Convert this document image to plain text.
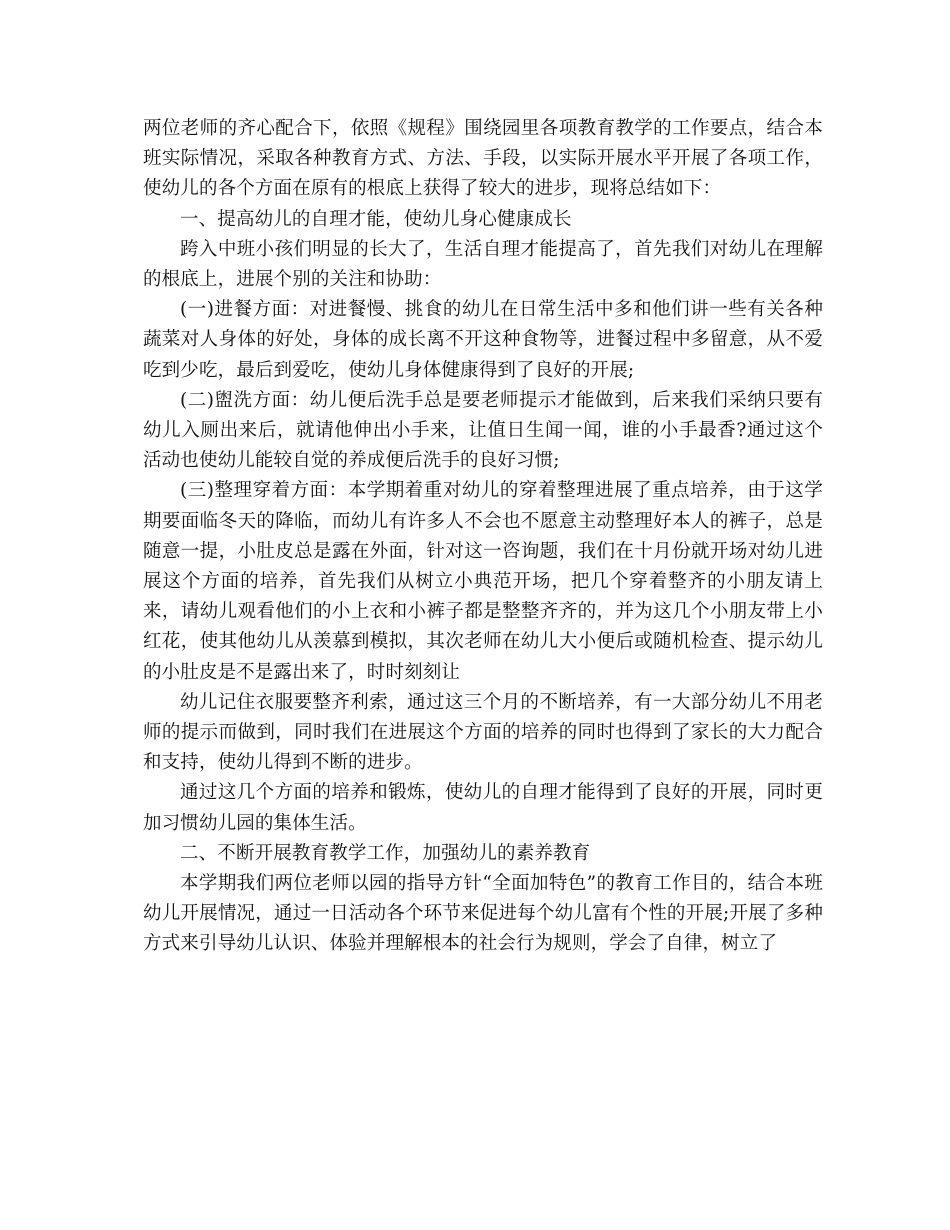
两位老师的齐心配合下，依照《规程》围绕园里各项教育教学的工作要点，结合本班实际情况，采取各种教育方式、方法、手段，以实际开展水平开展了各项工作，使幼儿的各个方面在原有的根底上获得了较大的进步，现将总结如下：

一、提高幼儿的自理才能，使幼儿身心健康成长

跨入中班小孩们明显的长大了，生活自理才能提高了，首先我们对幼儿在理解的根底上，进展个别的关注和协助：

(一)进餐方面：对进餐慢、挑食的幼儿在日常生活中多和他们讲一些有关各种蔬菜对人身体的好处，身体的成长离不开这种食物等，进餐过程中多留意，从不爱吃到少吃，最后到爱吃，使幼儿身体健康得到了良好的开展;

(二)盥洗方面：幼儿便后洗手总是要老师提示才能做到，后来我们采纳只要有幼儿入厕出来后，就请他伸出小手来，让值日生闻一闻，谁的小手最香?通过这个活动也使幼儿能较自觉的养成便后洗手的良好习惯;

(三)整理穿着方面：本学期着重对幼儿的穿着整理进展了重点培养，由于这学期要面临冬天的降临，而幼儿有许多人不会也不愿意主动整理好本人的裤子，总是随意一提，小肚皮总是露在外面，针对这一咨询题，我们在十月份就开场对幼儿进展这个方面的培养，首先我们从树立小典范开场，把几个穿着整齐的小朋友请上来，请幼儿观看他们的小上衣和小裤子都是整整齐齐的，并为这几个小朋友带上小红花，使其他幼儿从羡慕到模拟，其次老师在幼儿大小便后或随机检查、提示幼儿的小肚皮是不是露出来了，时时刻刻让

幼儿记住衣服要整齐利索，通过这三个月的不断培养，有一大部分幼儿不用老师的提示而做到，同时我们在进展这个方面的培养的同时也得到了家长的大力配合和支持，使幼儿得到不断的进步。

通过这几个方面的培养和锻炼，使幼儿的自理才能得到了良好的开展，同时更加习惯幼儿园的集体生活。

二、不断开展教育教学工作，加强幼儿的素养教育

本学期我们两位老师以园的指导方针“全面加特色”的教育工作目的，结合本班幼儿开展情况，通过一日活动各个环节来促进每个幼儿富有个性的开展;开展了多种方式来引导幼儿认识、体验并理解根本的社会行为规则，学会了自律，树立了
